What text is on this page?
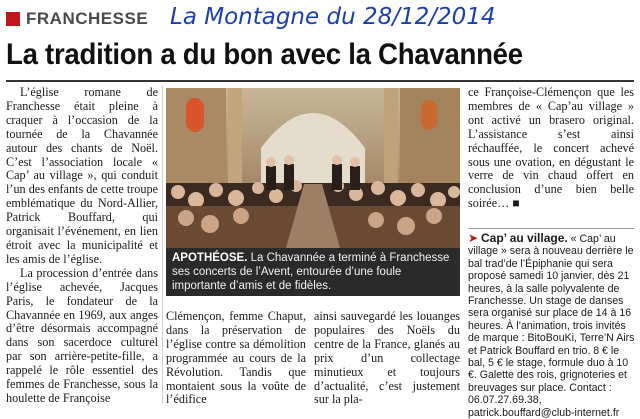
FRANCHESSE La Montagne du 28/12/2014
La tradition a du bon avec la Chavannée

L’église romane de Franchesse était pleine à craquer à l’occasion de la tournée de la Chavannée autour des chants de Noël. C’est l’association locale « Cap’ au village », qui conduit l’un des enfants de cette troupe emblématique du Nord-Allier, Patrick Bouffard, qui organisait l’événement, en lien étroit avec la municipalité et les amis de l’église.

La procession d’entrée dans l’église achevée, Jacques Paris, le fondateur de la Chavannée en 1969, aux anges d’être désormais accompagné dans son sacerdoce culturel par son arrière-petite-fille, a rappelé le rôle essentiel des femmes de Franchesse, sous la houlette de Françoise

APOTHÉOSE. La Chavannée a terminé à Franchesse ses concerts de l’Avent, entourée d’une foule importante d’amis et de fidèles.

Clémençon, femme Chaput, dans la préservation de l’église contre sa démolition programmée au cours de la Révolution. Tandis que montaient sous la voûte de l’édifice

ainsi sauvegardé les louanges populaires des Noëls du centre de la France, glanés au prix d’un collectage minutieux et toujours d’actualité, c’est justement sur la pla-

ce Françoise-Clémençon que les membres de « Cap’au village » ont activé un brasero original. L’assistance s’est ainsi réchauffée, le concert achevé sous une ovation, en dégustant le verre de vin chaud offert en conclusion d’une bien belle soirée… ■

➤ Cap’ au village. « Cap’ au village » sera à nouveau derrière le bal trad’de l’Épiphanie qui sera proposé samedi 10 janvier, dès 21 heures, à la salle polyvalente de Franchesse. Un stage de danses sera organisé sur place de 14 à 16 heures. À l’animation, trois invités de marque : BitoBouKi, Terre’N Airs et Patrick Bouffard en trio. 8 € le bal, 5 € le stage, formule duo à 10 €. Galette des rois, grignoteries et breuvages sur place. Contact : 06.07.27.69.38, patrick.bouffard@club-internet.fr
